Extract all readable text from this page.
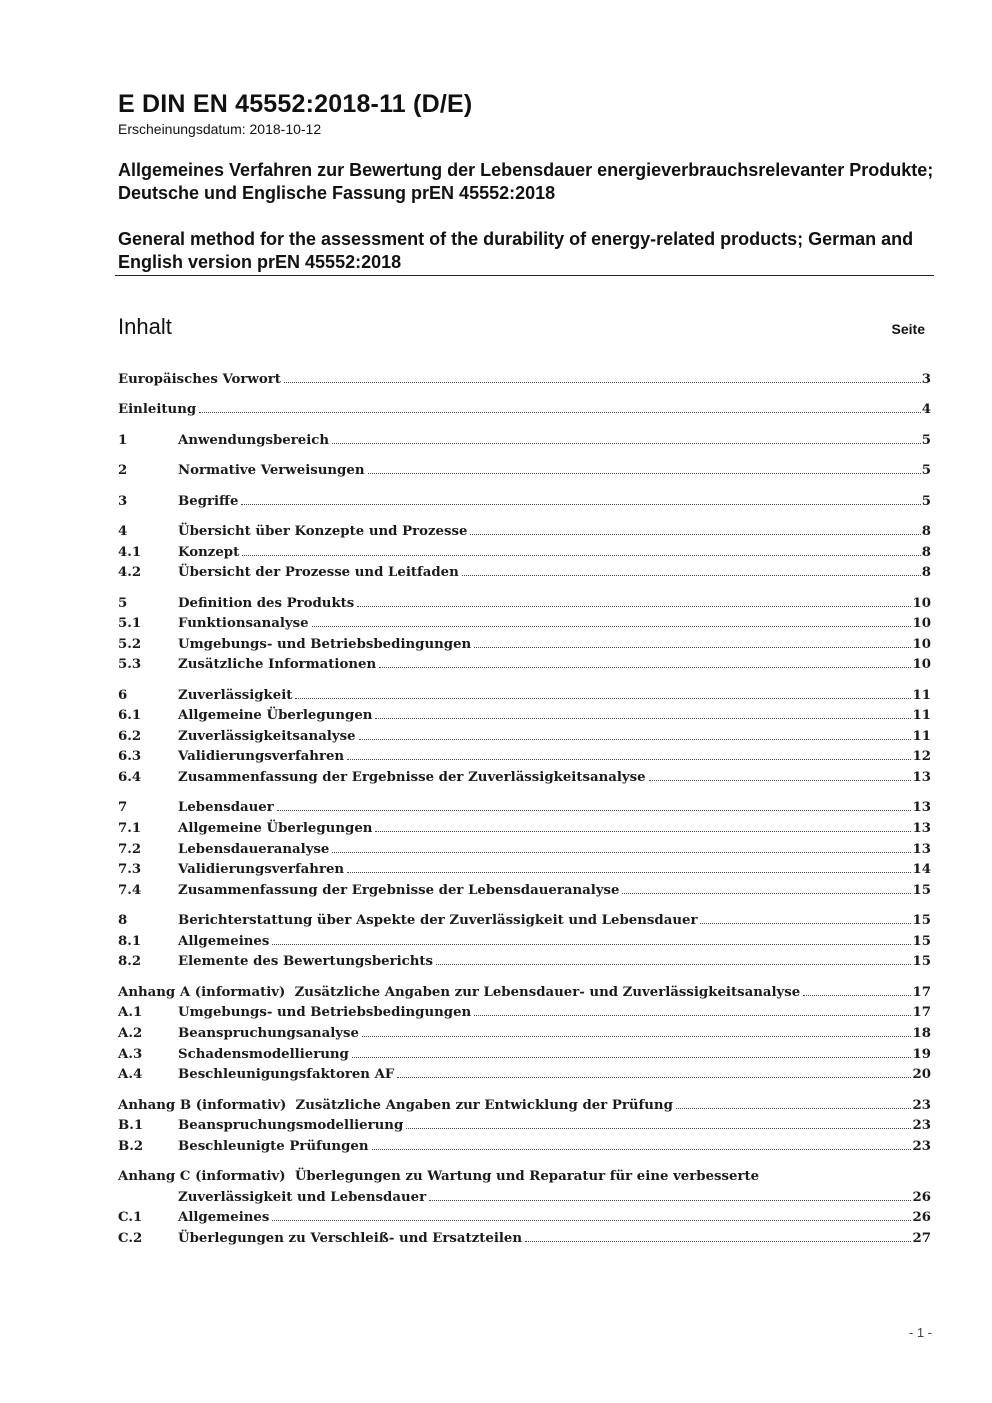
E DIN EN 45552:2018-11 (D/E)
Erscheinungsdatum: 2018-10-12
Allgemeines Verfahren zur Bewertung der Lebensdauer energieverbrauchsrelevanter Produkte; Deutsche und Englische Fassung prEN 45552:2018
General method for the assessment of the durability of energy-related products; German and English version prEN 45552:2018
Inhalt	Seite
Europäisches Vorwort	3
Einleitung	4
1	Anwendungsbereich	5
2	Normative Verweisungen	5
3	Begriffe	5
4	Übersicht über Konzepte und Prozesse	8
4.1	Konzept	8
4.2	Übersicht der Prozesse und Leitfaden	8
5	Definition des Produkts	10
5.1	Funktionsanalyse	10
5.2	Umgebungs- und Betriebsbedingungen	10
5.3	Zusätzliche Informationen	10
6	Zuverlässigkeit	11
6.1	Allgemeine Überlegungen	11
6.2	Zuverlässigkeitsanalyse	11
6.3	Validierungsverfahren	12
6.4	Zusammenfassung der Ergebnisse der Zuverlässigkeitsanalyse	13
7	Lebensdauer	13
7.1	Allgemeine Überlegungen	13
7.2	Lebensdaueranalyse	13
7.3	Validierungsverfahren	14
7.4	Zusammenfassung der Ergebnisse der Lebensdaueranalyse	15
8	Berichterstattung über Aspekte der Zuverlässigkeit und Lebensdauer	15
8.1	Allgemeines	15
8.2	Elemente des Bewertungsberichts	15
Anhang A (informativ)  Zusätzliche Angaben zur Lebensdauer- und Zuverlässigkeitsanalyse	17
A.1	Umgebungs- und Betriebsbedingungen	17
A.2	Beanspruchungsanalyse	18
A.3	Schadensmodellierung	19
A.4	Beschleunigungsfaktoren AF	20
Anhang B (informativ)  Zusätzliche Angaben zur Entwicklung der Prüfung	23
B.1	Beanspruchungsmodellierung	23
B.2	Beschleunigte Prüfungen	23
Anhang C (informativ)  Überlegungen zu Wartung und Reparatur für eine verbesserte
Zuverlässigkeit und Lebensdauer	26
C.1	Allgemeines	26
C.2	Überlegungen zu Verschleiß- und Ersatzteilen	27
- 1 -
